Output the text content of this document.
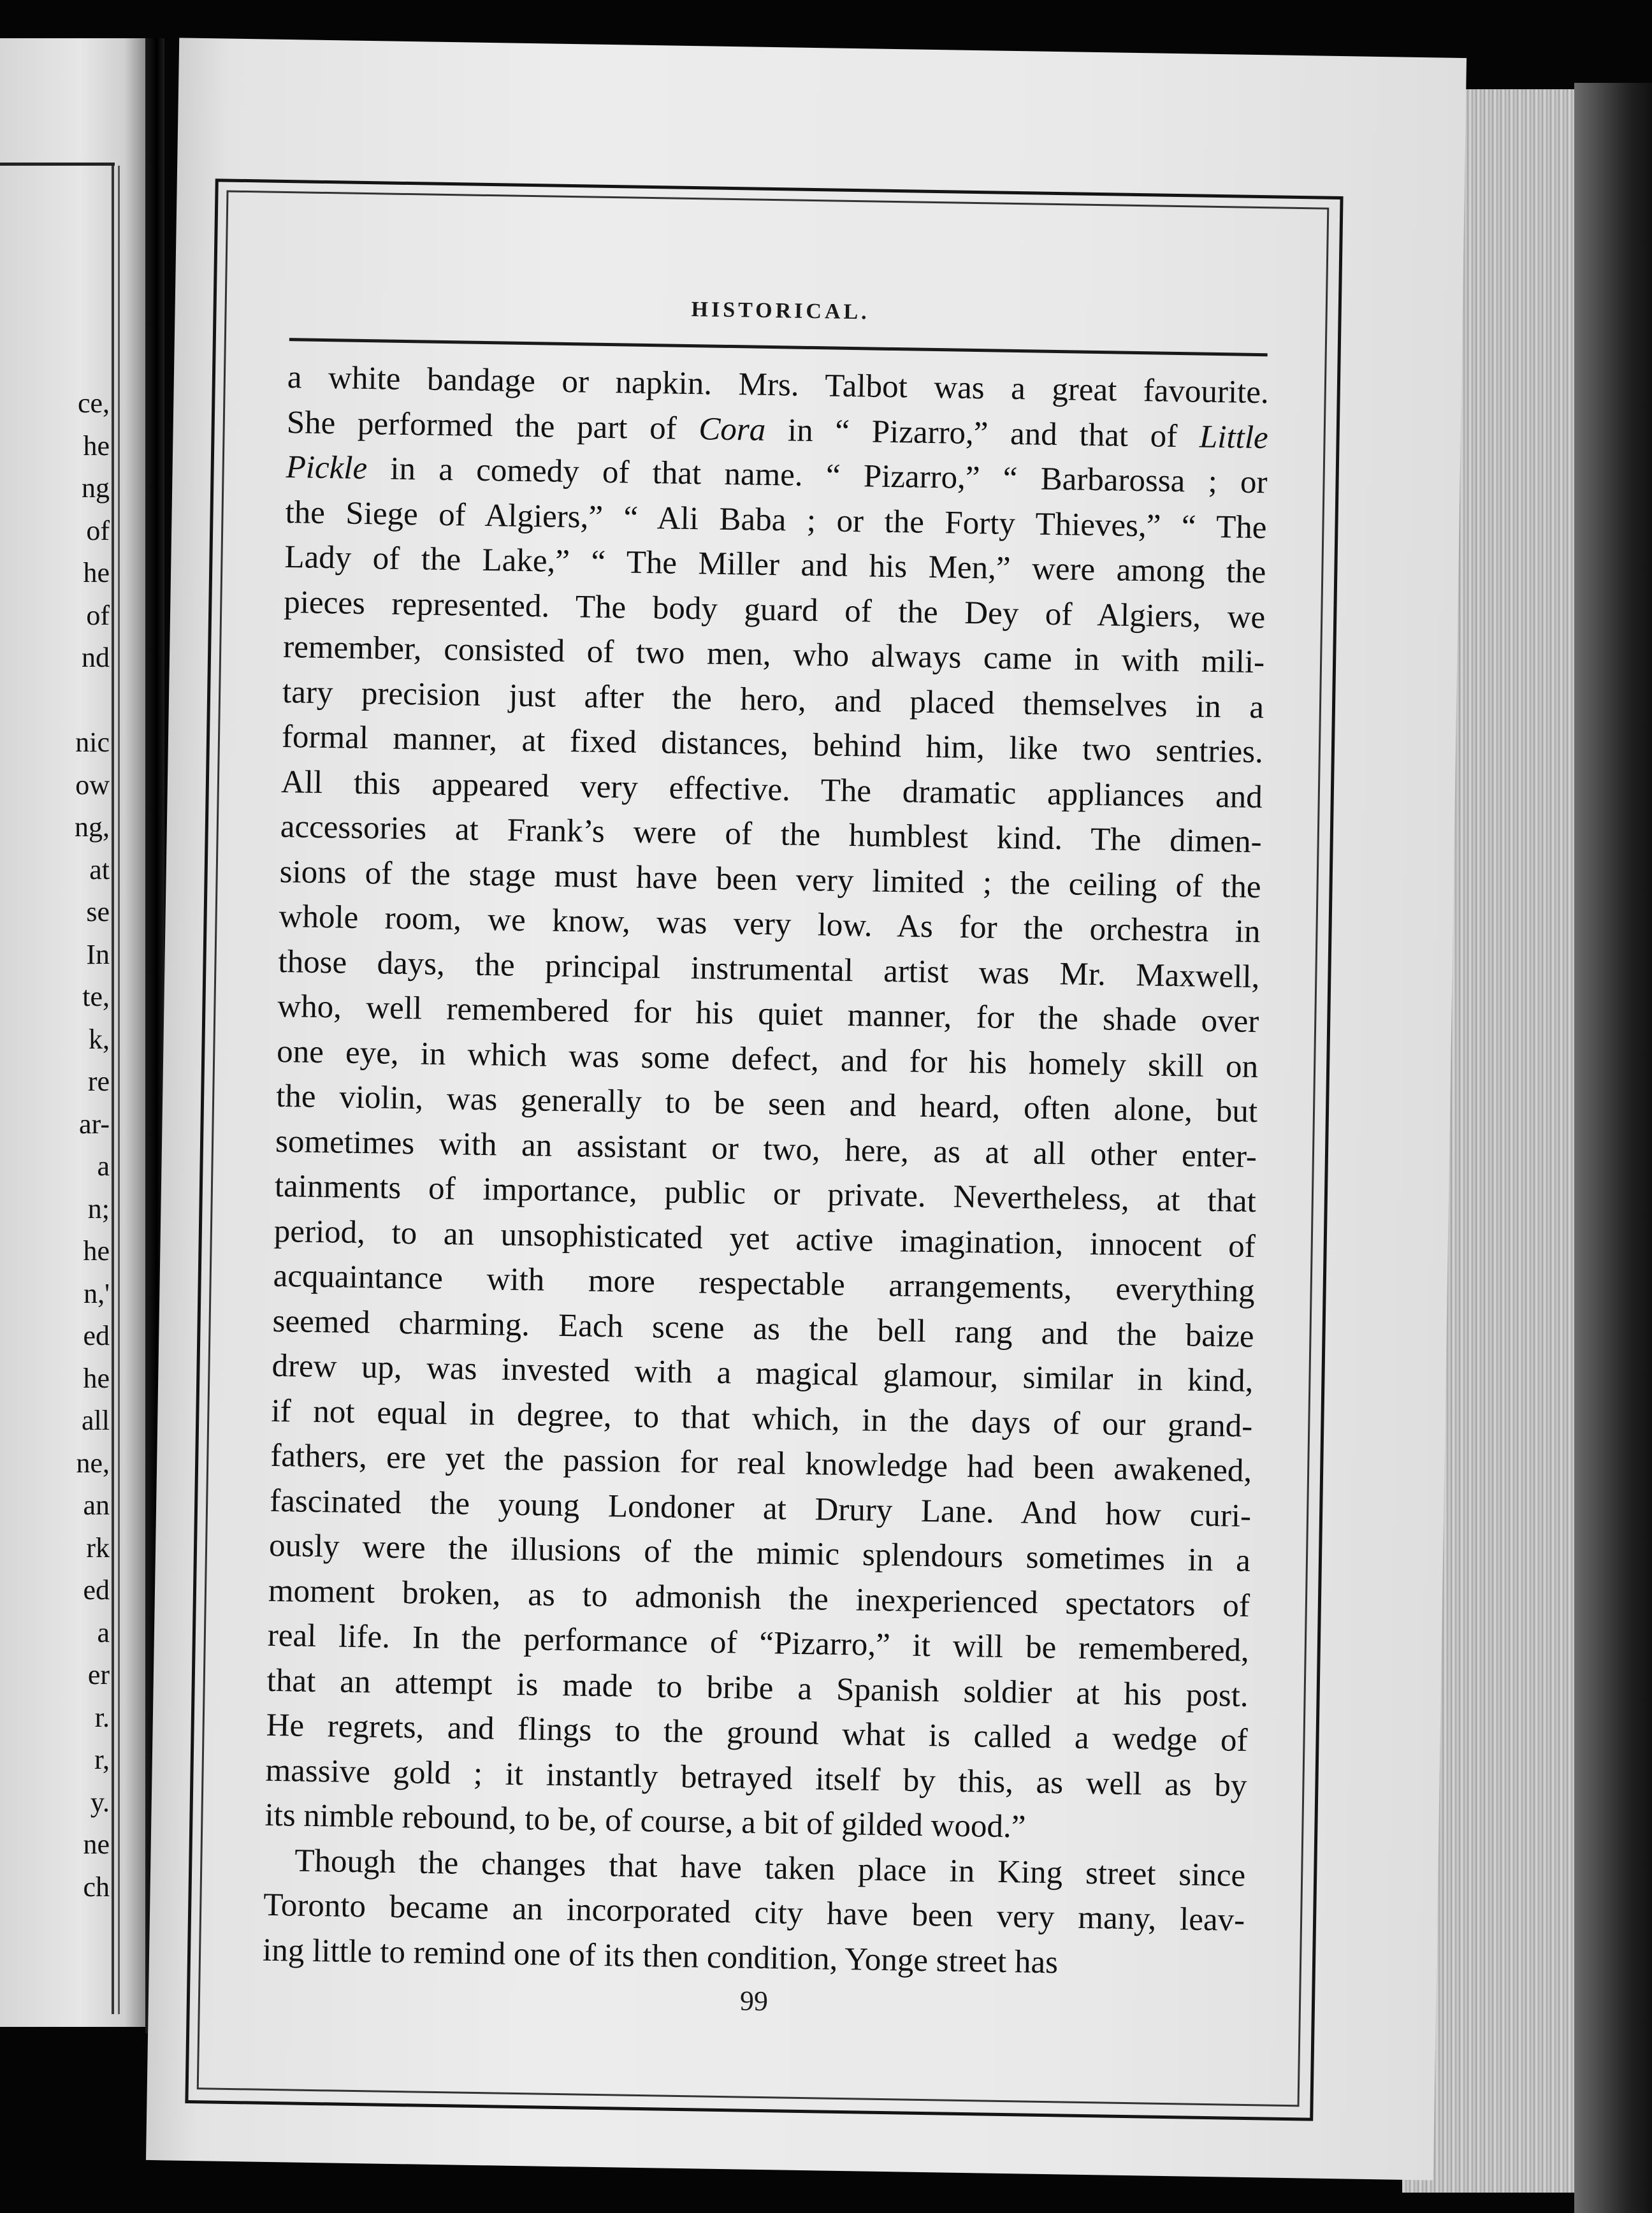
ce,
he
ng
of
he
of
nd
nic
ow
ng,
at
se
In
te,
k,
re
ar-
a
n;
he
n,'
ed
he
all
ne,
an
rk
ed
a
er
r.
r,
y.
ne
ch
HISTORICAL.
a white bandage or napkin. Mrs. Talbot was a great favourite.
She performed the part of Cora in “ Pizarro,” and that of Little
Pickle in a comedy of that name. “ Pizarro,” “ Barbarossa ; or
the Siege of Algiers,” “ Ali Baba ; or the Forty Thieves,” “ The
Lady of the Lake,” “ The Miller and his Men,” were among the
pieces represented. The body guard of the Dey of Algiers, we
remember, consisted of two men, who always came in with mili-
tary precision just after the hero, and placed themselves in a
formal manner, at fixed distances, behind him, like two sentries.
All this appeared very effective. The dramatic appliances and
accessories at Frank’s were of the humblest kind. The dimen-
sions of the stage must have been very limited ; the ceiling of the
whole room, we know, was very low. As for the orchestra in
those days, the principal instrumental artist was Mr. Maxwell,
who, well remembered for his quiet manner, for the shade over
one eye, in which was some defect, and for his homely skill on
the violin, was generally to be seen and heard, often alone, but
sometimes with an assistant or two, here, as at all other enter-
tainments of importance, public or private. Nevertheless, at that
period, to an unsophisticated yet active imagination, innocent of
acquaintance with more respectable arrangements, everything
seemed charming. Each scene as the bell rang and the baize
drew up, was invested with a magical glamour, similar in kind,
if not equal in degree, to that which, in the days of our grand-
fathers, ere yet the passion for real knowledge had been awakened,
fascinated the young Londoner at Drury Lane. And how curi-
ously were the illusions of the mimic splendours sometimes in a
moment broken, as to admonish the inexperienced spectators of
real life. In the performance of “Pizarro,” it will be remembered,
that an attempt is made to bribe a Spanish soldier at his post.
He regrets, and flings to the ground what is called a wedge of
massive gold ; it instantly betrayed itself by this, as well as by
its nimble rebound, to be, of course, a bit of gilded wood.”
Though the changes that have taken place in King street since
Toronto became an incorporated city have been very many, leav-
ing little to remind one of its then condition, Yonge street has
99
